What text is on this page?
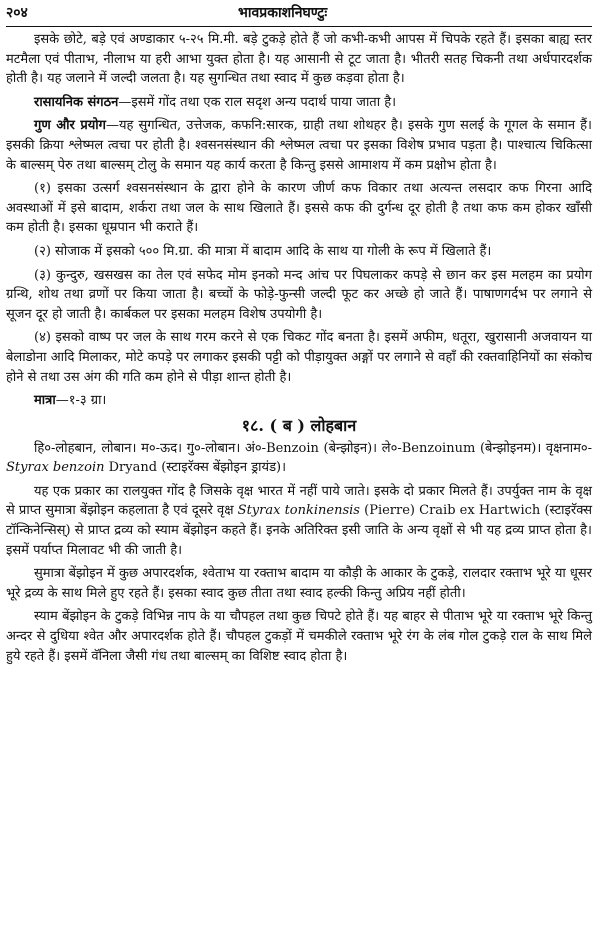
२०४	भावप्रकाशनिघण्टुः

इसके छोटे, बड़े एवं अण्डाकार ५-२५ मि.मी. बड़े टुकड़े होते हैं जो कभी-कभी आपस में चिपके रहते हैं। इसका बाह्य स्तर मटमैला एवं पीताभ, नीलाभ या हरी आभा युक्त होता है। यह आसानी से टूट जाता है। भीतरी सतह चिकनी तथा अर्धपारदर्शक होती है। यह जलाने में जल्दी जलता है। यह सुगन्धित तथा स्वाद में कुछ कड़वा होता है।

रासायनिक संगठन—इसमें गोंद तथा एक राल सदृश अन्य पदार्थ पाया जाता है।

गुण और प्रयोग—यह सुगन्धित, उत्तेजक, कफनि:सारक, ग्राही तथा शोथहर है। इसके गुण सलई के गूगल के समान हैं। इसकी क्रिया श्लेष्मल त्वचा पर होती है। श्वसनसंस्थान की श्लेष्मल त्वचा पर इसका विशेष प्रभाव पड़ता है। पाश्चात्य चिकित्सा के बाल्सम् पेरु तथा बाल्सम् टोलु के समान यह कार्य करता है किन्तु इससे आमाशय में कम प्रक्षोभ होता है।

(१) इसका उत्सर्ग श्वसनसंस्थान के द्वारा होने के कारण जीर्ण कफ विकार तथा अत्यन्त लसदार कफ गिरना आदि अवस्थाओं में इसे बादाम, शर्करा तथा जल के साथ खिलाते हैं। इससे कफ की दुर्गन्ध दूर होती है तथा कफ कम होकर खाँसी कम होती है। इसका धूम्रपान भी कराते हैं।

(२) सोजाक में इसको ५०० मि.ग्रा. की मात्रा में बादाम आदि के साथ या गोली के रूप में खिलाते हैं।

(३) कुन्दुरु, खसखस का तेल एवं सफेद मोम इनको मन्द आंच पर पिघलाकर कपड़े से छान कर इस मलहम का प्रयोग ग्रन्थि, शोथ तथा व्रणों पर किया जाता है। बच्चों के फोड़े-फुन्सी जल्दी फूट कर अच्छे हो जाते हैं। पाषाणगर्दभ पर लगाने से सूजन दूर हो जाती है। कार्बकल पर इसका मलहम विशेष उपयोगी है।

(४) इसको वाष्प पर जल के साथ गरम करने से एक चिकट गोंद बनता है। इसमें अफीम, धतूरा, खुरासानी अजवायन या बेलाडोना आदि मिलाकर, मोटे कपड़े पर लगाकर इसकी पट्टी को पीड़ायुक्त अङ्गों पर लगाने से वहाँ की रक्तवाहिनियों का संकोच होने से तथा उस अंग की गति कम होने से पीड़ा शान्त होती है।

मात्रा—१-३ ग्रा।

१८. ( ब ) लोहबान

हि०-लोहबान, लोबान। म०-ऊद। गु०-लोबान। अं०-Benzoin (बेन्झोइन)। ले०-Benzoinum (बेन्झोइनम)। वृक्षनाम०-Styrax benzoin Dryand (स्टाइरॅक्स बेंझोइन ड्रायंड)।

यह एक प्रकार का रालयुक्त गोंद है जिसके वृक्ष भारत में नहीं पाये जाते। इसके दो प्रकार मिलते हैं। उपर्युक्त नाम के वृक्ष से प्राप्त सुमात्रा बेंझोइन कहलाता है एवं दूसरे वृक्ष Styrax tonkinensis (Pierre) Craib ex Hartwich (स्टाइरॅक्स टॉन्किनेन्सिस्) से प्राप्त द्रव्य को स्याम बेंझोइन कहते हैं। इनके अतिरिक्त इसी जाति के अन्य वृक्षों से भी यह द्रव्य प्राप्त होता है। इसमें पर्याप्त मिलावट भी की जाती है।

सुमात्रा बेंझोइन में कुछ अपारदर्शक, श्वेताभ या रक्ताभ बादाम या कौड़ी के आकार के टुकड़े, रालदार रक्ताभ भूरे या धूसर भूरे द्रव्य के साथ मिले हुए रहते हैं। इसका स्वाद कुछ तीता तथा स्वाद हल्की किन्तु अप्रिय नहीं होती।

स्याम बेंझोइन के टुकड़े विभिन्न नाप के या चौपहल तथा कुछ चिपटे होते हैं। यह बाहर से पीताभ भूरे या रक्ताभ भूरे किन्तु अन्दर से दुधिया श्वेत और अपारदर्शक होते हैं। चौपहल टुकड़ों में चमकीले रक्ताभ भूरे रंग के लंब गोल टुकड़े राल के साथ मिले हुये रहते हैं। इसमें वॅनिला जैसी गंध तथा बाल्सम् का विशिष्ट स्वाद होता है।
